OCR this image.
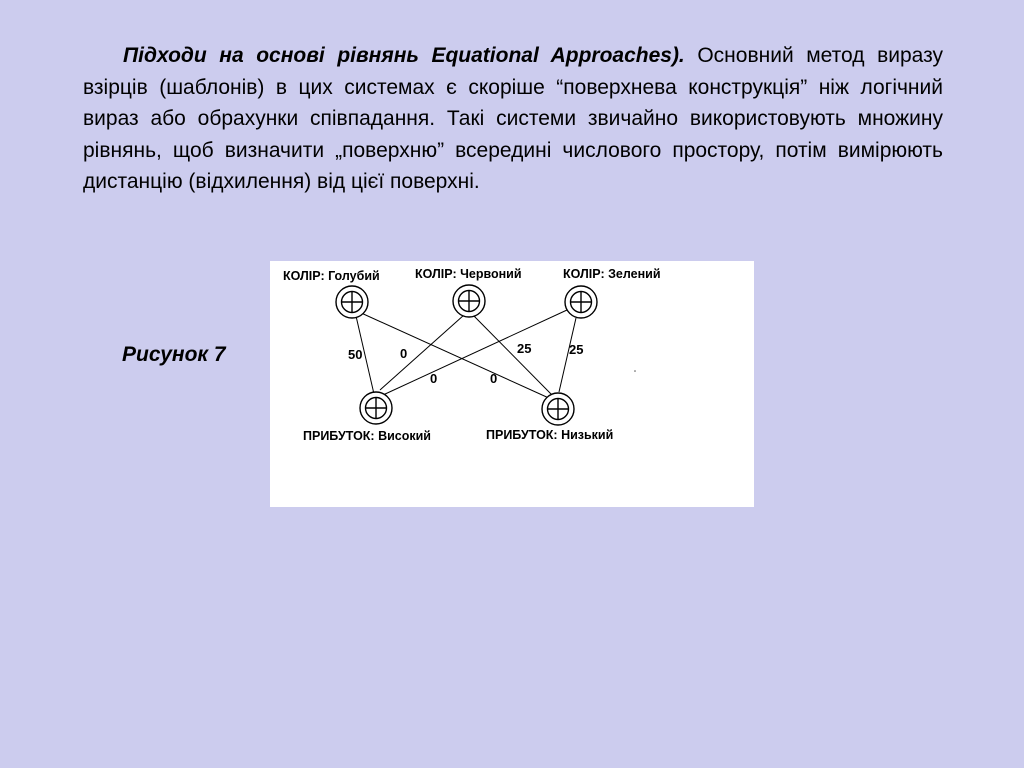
Підходи на основі рівнянь Equational Approaches). Основний метод виразу взірців (шаблонів) в цих системах є скоріше “поверхнева конструкція” ніж логічний вираз або обрахунки співпадання. Такі системи звичайно використовують множину рівнянь, щоб визначити „поверхню” всередині числового простору, потім вимірюють дистанцію (відхилення) від цієї поверхні.
Рисунок 7
КОЛІР: Голубий	КОЛІР: Червоний	КОЛІР: Зелений
ПРИБУТОК: Високий	ПРИБУТОК: Низький
50	0
0	0
25	25
